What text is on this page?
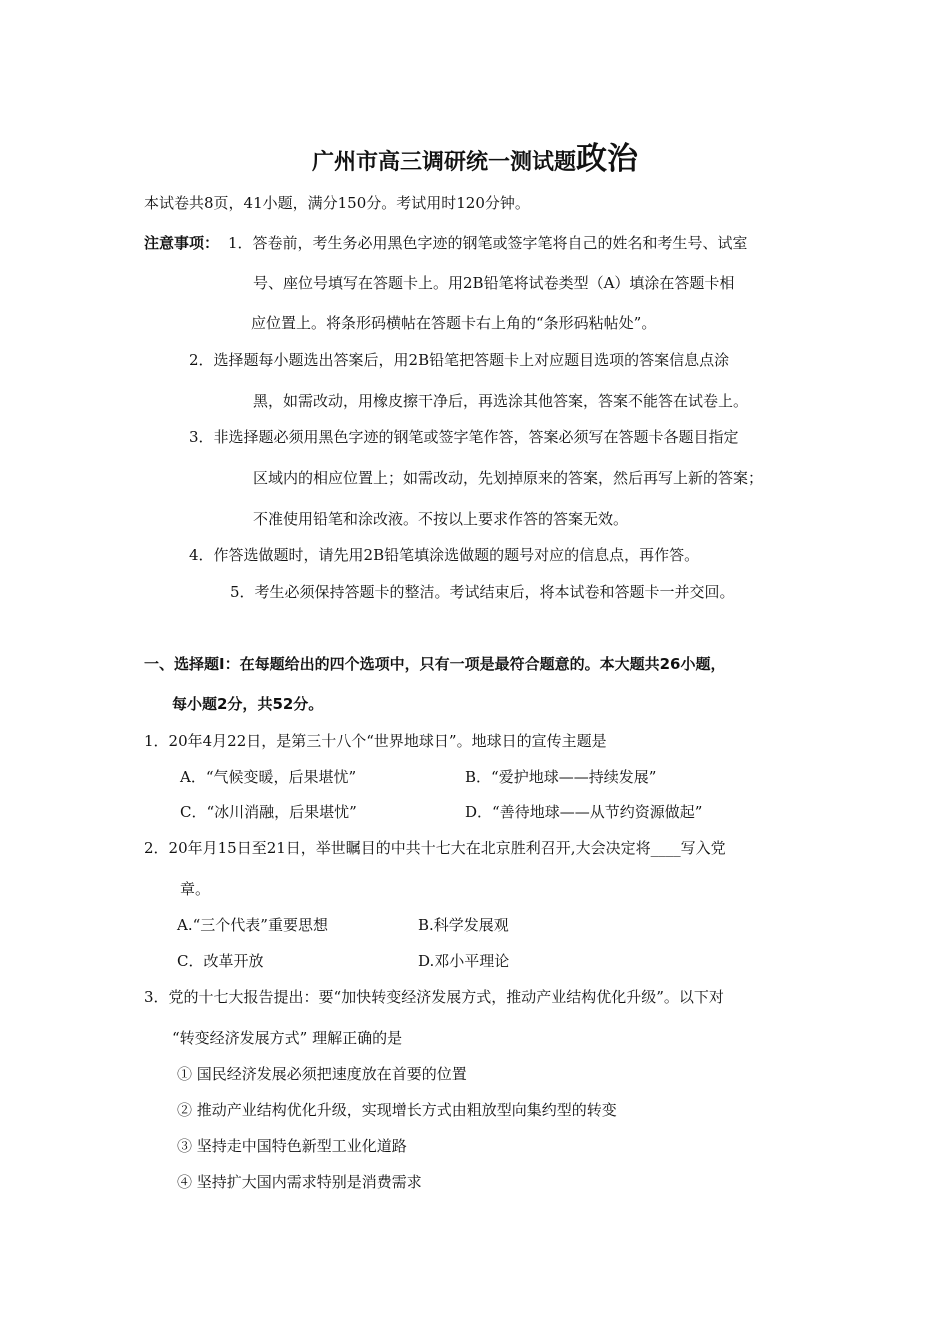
广州市高三调研统一测试题政治
本试卷共8页，41小题，满分150分。考试用时120分钟。
注意事项： 1．答卷前，考生务必用黑色字迹的钢笔或签字笔将自己的姓名和考生号、试室
号、座位号填写在答题卡上。用2B铅笔将试卷类型（A）填涂在答题卡相
应位置上。将条形码横帖在答题卡右上角的“条形码粘帖处”。
2．选择题每小题选出答案后，用2B铅笔把答题卡上对应题目选项的答案信息点涂
黑，如需改动，用橡皮擦干净后，再选涂其他答案，答案不能答在试卷上。
3．非选择题必须用黑色字迹的钢笔或签字笔作答，答案必须写在答题卡各题目指定
区域内的相应位置上；如需改动，先划掉原来的答案，然后再写上新的答案；
不准使用铅笔和涂改液。不按以上要求作答的答案无效。
4．作答选做题时，请先用2B铅笔填涂选做题的题号对应的信息点，再作答。
5．考生必须保持答题卡的整洁。考试结束后，将本试卷和答题卡一并交回。
一、选择题Ⅰ：在每题给出的四个选项中，只有一项是最符合题意的。本大题共26小题，
每小题2分，共52分。
1．20年4月22日，是第三十八个“世界地球日”。地球日的宣传主题是
A．“气候变暖，后果堪忧”	B．“爱护地球——持续发展”
C．“冰川消融，后果堪忧”	D．“善待地球——从节约资源做起”
2．20年月15日至21日，举世瞩目的中共十七大在北京胜利召开,大会决定将____写入党
章。
A.“三个代表”重要思想	B.科学发展观
C．改革开放	D.邓小平理论
3．党的十七大报告提出：要“加快转变经济发展方式，推动产业结构优化升级”。以下对
“转变经济发展方式” 理解正确的是
① 国民经济发展必须把速度放在首要的位置
② 推动产业结构优化升级，实现增长方式由粗放型向集约型的转变
③ 坚持走中国特色新型工业化道路
④ 坚持扩大国内需求特别是消费需求
